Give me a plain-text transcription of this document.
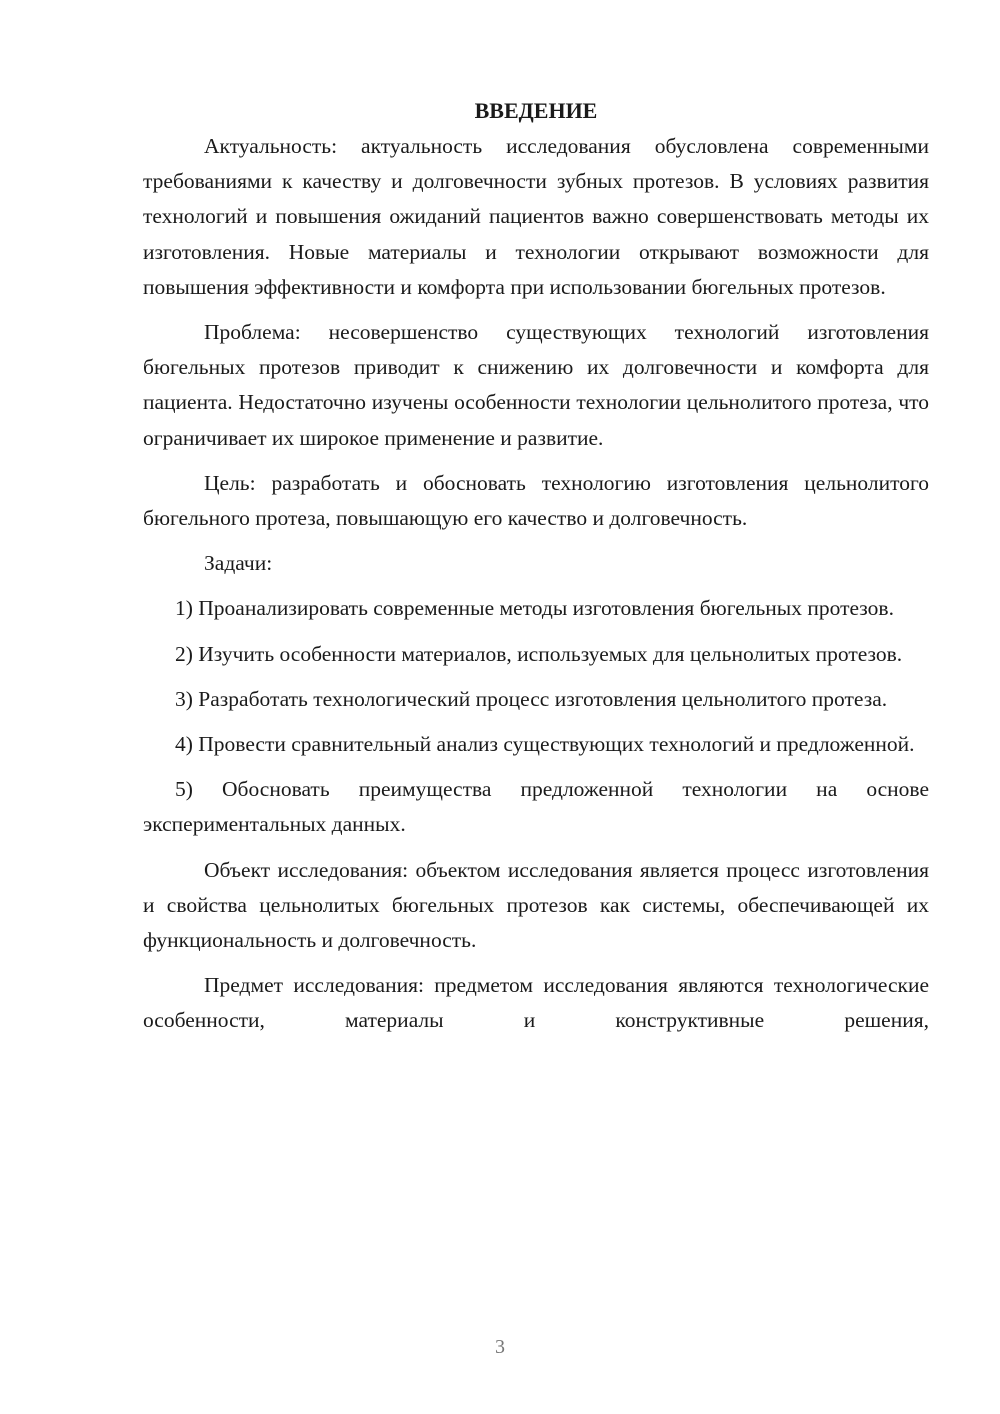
ВВЕДЕНИЕ

Актуальность: актуальность исследования обусловлена современными требованиями к качеству и долговечности зубных протезов. В условиях развития технологий и повышения ожиданий пациентов важно совершенствовать методы их изготовления. Новые материалы и технологии открывают возможности для повышения эффективности и комфорта при использовании бюгельных протезов.

Проблема: несовершенство существующих технологий изготовления бюгельных протезов приводит к снижению их долговечности и комфорта для пациента. Недостаточно изучены особенности технологии цельнолитого протеза, что ограничивает их широкое применение и развитие.

Цель: разработать и обосновать технологию изготовления цельнолитого бюгельного протеза, повышающую его качество и долговечность.

Задачи:

1) Проанализировать современные методы изготовления бюгельных протезов.

2) Изучить особенности материалов, используемых для цельнолитых протезов.

3) Разработать технологический процесс изготовления цельнолитого протеза.

4) Провести сравнительный анализ существующих технологий и предложенной.

5) Обосновать преимущества предложенной технологии на основе экспериментальных данных.

Объект исследования: объектом исследования является процесс изготовления и свойства цельнолитых бюгельных протезов как системы, обеспечивающей их функциональность и долговечность.

Предмет исследования: предметом исследования являются технологические особенности, материалы и конструктивные решения,

3
